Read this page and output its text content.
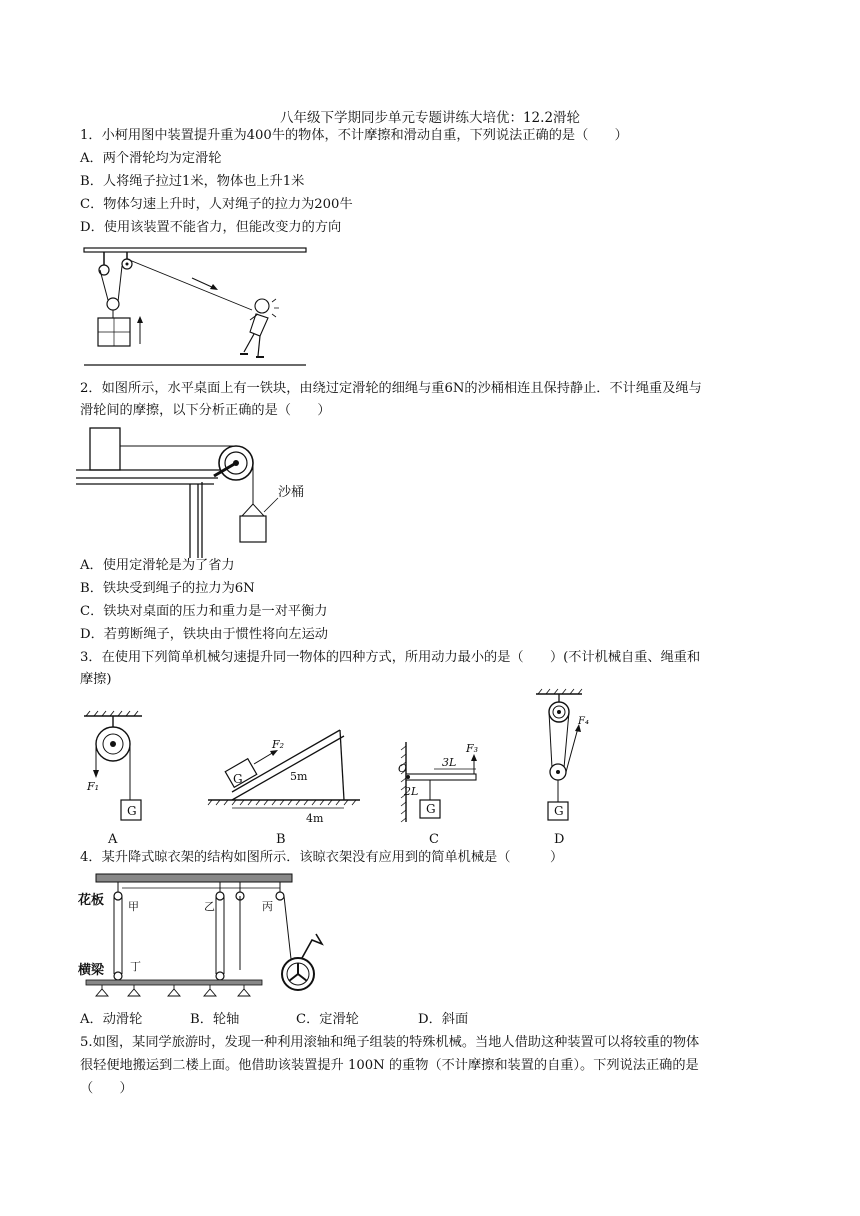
八年级下学期同步单元专题讲练大培优：12.2滑轮
1．小柯用图中装置提升重为400牛的物体，不计摩擦和滑动自重，下列说法正确的是（　　）
A．两个滑轮均为定滑轮
B．人将绳子拉过1米，物体也上升1米
C．物体匀速上升时，人对绳子的拉力为200牛
D．使用该装置不能省力，但能改变力的方向
2．如图所示，水平桌面上有一铁块，由绕过定滑轮的细绳与重6N的沙桶相连且保持静止．不计绳重及绳与
滑轮间的摩擦，以下分析正确的是（　　）
沙桶
A．使用定滑轮是为了省力
B．铁块受到绳子的拉力为6N
C．铁块对桌面的压力和重力是一对平衡力
D．若剪断绳子，铁块由于惯性将向左运动
3．在使用下列简单机械匀速提升同一物体的四种方式，所用动力最小的是（　　）(不计机械自重、绳重和
摩擦)
G
F₁
A
G
F₂
5m
4m
B
O	3L
F₃
2L
G
C
F₄
G
D
4．某升降式晾衣架的结构如图所示．该晾衣架没有应用到的简单机械是（　　　）
花板 甲	乙	丙
丁
横梁
A．动滑轮	B．轮轴	C．定滑轮	D．斜面
5.如图，某同学旅游时，发现一种利用滚轴和绳子组装的特殊机械。当地人借助这种装置可以将较重的物体
很轻便地搬运到二楼上面。他借助该装置提升 100N 的重物（不计摩擦和装置的自重）。下列说法正确的是
（　　）
